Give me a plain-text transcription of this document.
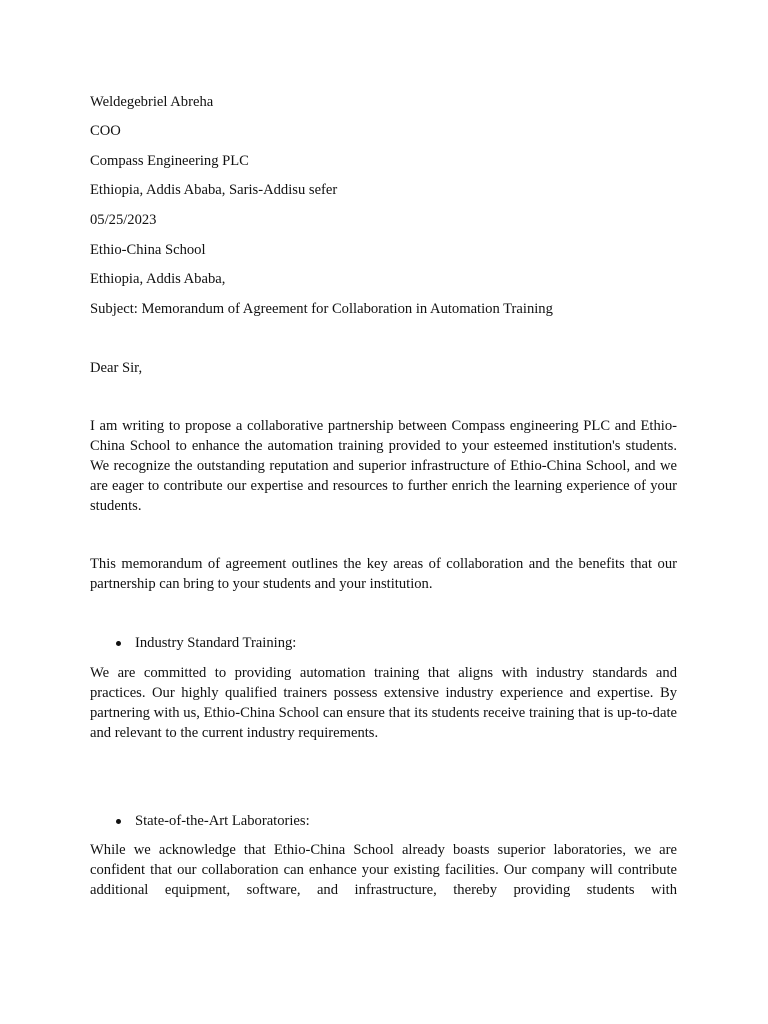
Weldegebriel Abreha
COO
Compass Engineering PLC
Ethiopia, Addis Ababa, Saris-Addisu sefer
05/25/2023
Ethio-China School
Ethiopia, Addis Ababa,
Subject: Memorandum of Agreement for Collaboration in Automation Training
Dear Sir,
I am writing to propose a collaborative partnership between Compass engineering PLC and Ethio-China School to enhance the automation training provided to your esteemed institution's students. We recognize the outstanding reputation and superior infrastructure of Ethio-China School, and we are eager to contribute our expertise and resources to further enrich the learning experience of your students.
This memorandum of agreement outlines the key areas of collaboration and the benefits that our partnership can bring to your students and your institution.
Industry Standard Training:
We are committed to providing automation training that aligns with industry standards and practices. Our highly qualified trainers possess extensive industry experience and expertise. By partnering with us, Ethio-China School can ensure that its students receive training that is up-to-date and relevant to the current industry requirements.
State-of-the-Art Laboratories:
While we acknowledge that Ethio-China School already boasts superior laboratories, we are confident that our collaboration can enhance your existing facilities. Our company will contribute additional equipment, software, and infrastructure, thereby providing students with
